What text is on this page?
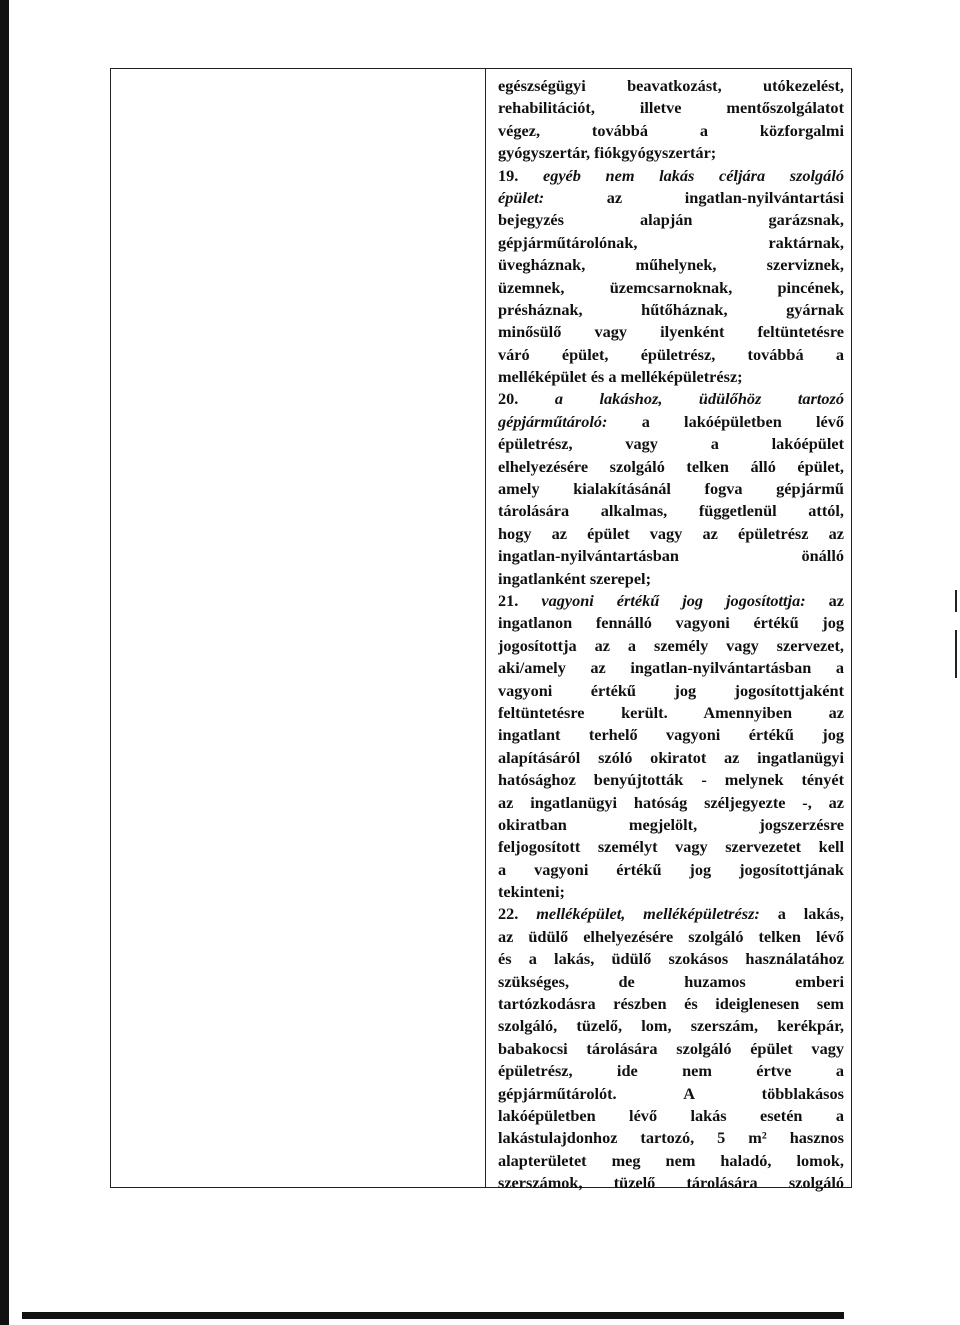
egészségügyi beavatkozást, utókezelést,
rehabilitációt, illetve mentőszolgálatot
végez, továbbá a közforgalmi
gyógyszertár, fiókgyógyszertár;
19. egyéb nem lakás céljára szolgáló
épület:	az ingatlan-nyilvántartási
bejegyzés alapján garázsnak,
gépjárműtárolónak, raktárnak,
üvegháznak, műhelynek, szerviznek,
üzemnek, üzemcsarnoknak, pincének,
présháznak, hűtőháznak, gyárnak
minősülő vagy ilyenként feltüntetésre
váró épület, épületrész, továbbá a
melléképület és a melléképületrész;
20. a lakáshoz, üdülőhöz tartozó
gépjárműtároló: a lakóépületben lévő
épületrész, vagy a lakóépület
elhelyezésére szolgáló telken álló épület,
amely kialakításánál fogva gépjármű
tárolására alkalmas, függetlenül attól,
hogy az épület vagy az épületrész az
ingatlan-nyilvántartásban önálló
ingatlanként szerepel;
21. vagyoni értékű jog jogosítottja: az
ingatlanon fennálló vagyoni értékű jog
jogosítottja az a személy vagy szervezet,
aki/amely az ingatlan-nyilvántartásban a
vagyoni értékű jog jogosítottjaként
feltüntetésre került. Amennyiben az
ingatlant terhelő vagyoni értékű jog
alapításáról szóló okiratot az ingatlanügyi
hatósághoz benyújtották - melynek tényét
az ingatlanügyi hatóság széljegyezte -, az
okiratban megjelölt, jogszerzésre
feljogosított személyt vagy szervezetet kell
a vagyoni értékű jog jogosítottjának
tekinteni;
22. melléképület, melléképületrész: a lakás,
az üdülő elhelyezésére szolgáló telken lévő
és a lakás, üdülő szokásos használatához
szükséges, de huzamos emberi
tartózkodásra részben és ideiglenesen sem
szolgáló, tüzelő, lom, szerszám, kerékpár,
babakocsi tárolására szolgáló épület vagy
épületrész, ide nem értve a
gépjárműtárolót. A többlakásos
lakóépületben lévő lakás esetén a
lakástulajdonhoz tartozó, 5 m² hasznos
alapterületet meg nem haladó, lomok,
szerszámok, tüzelő tárolására szolgáló
